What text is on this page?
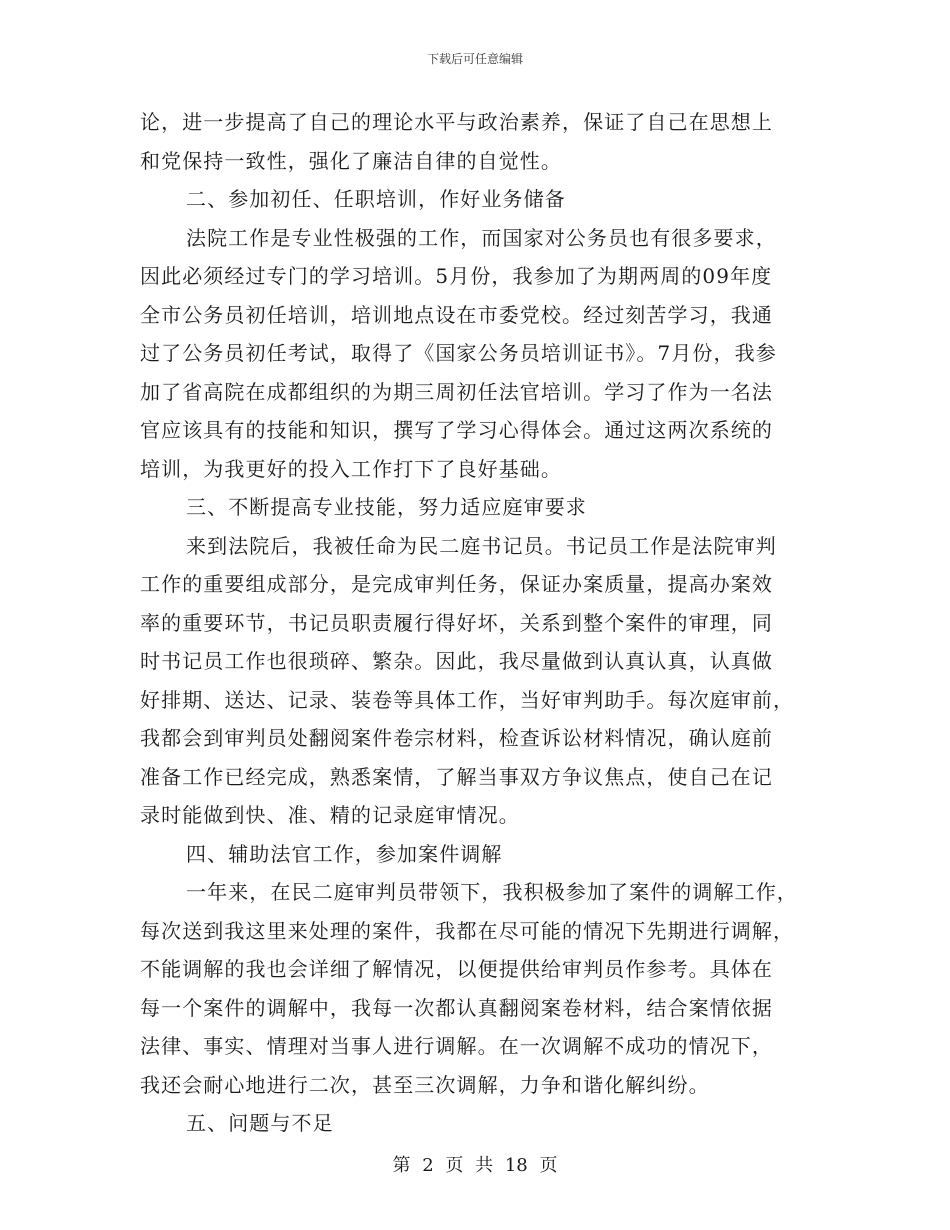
下载后可任意编辑
论，进一步提高了自己的理论水平与政治素养，保证了自己在思想上
和党保持一致性，强化了廉洁自律的自觉性。
二、参加初任、任职培训，作好业务储备
法院工作是专业性极强的工作，而国家对公务员也有很多要求，
因此必须经过专门的学习培训。5月份，我参加了为期两周的09年度
全市公务员初任培训，培训地点设在市委党校。经过刻苦学习，我通
过了公务员初任考试，取得了《国家公务员培训证书》。7月份，我参
加了省高院在成都组织的为期三周初任法官培训。学习了作为一名法
官应该具有的技能和知识，撰写了学习心得体会。通过这两次系统的
培训，为我更好的投入工作打下了良好基础。
三、不断提高专业技能，努力适应庭审要求
来到法院后，我被任命为民二庭书记员。书记员工作是法院审判
工作的重要组成部分，是完成审判任务，保证办案质量，提高办案效
率的重要环节，书记员职责履行得好坏，关系到整个案件的审理，同
时书记员工作也很琐碎、繁杂。因此，我尽量做到认真认真，认真做
好排期、送达、记录、装卷等具体工作，当好审判助手。每次庭审前，
我都会到审判员处翻阅案件卷宗材料，检查诉讼材料情况，确认庭前
准备工作已经完成，熟悉案情，了解当事双方争议焦点，使自己在记
录时能做到快、准、精的记录庭审情况。
四、辅助法官工作，参加案件调解
一年来，在民二庭审判员带领下，我积极参加了案件的调解工作，
每次送到我这里来处理的案件，我都在尽可能的情况下先期进行调解，
不能调解的我也会详细了解情况，以便提供给审判员作参考。具体在
每一个案件的调解中，我每一次都认真翻阅案卷材料，结合案情依据
法律、事实、情理对当事人进行调解。在一次调解不成功的情况下，
我还会耐心地进行二次，甚至三次调解，力争和谐化解纠纷。
五、问题与不足
第 2 页 共 18 页
